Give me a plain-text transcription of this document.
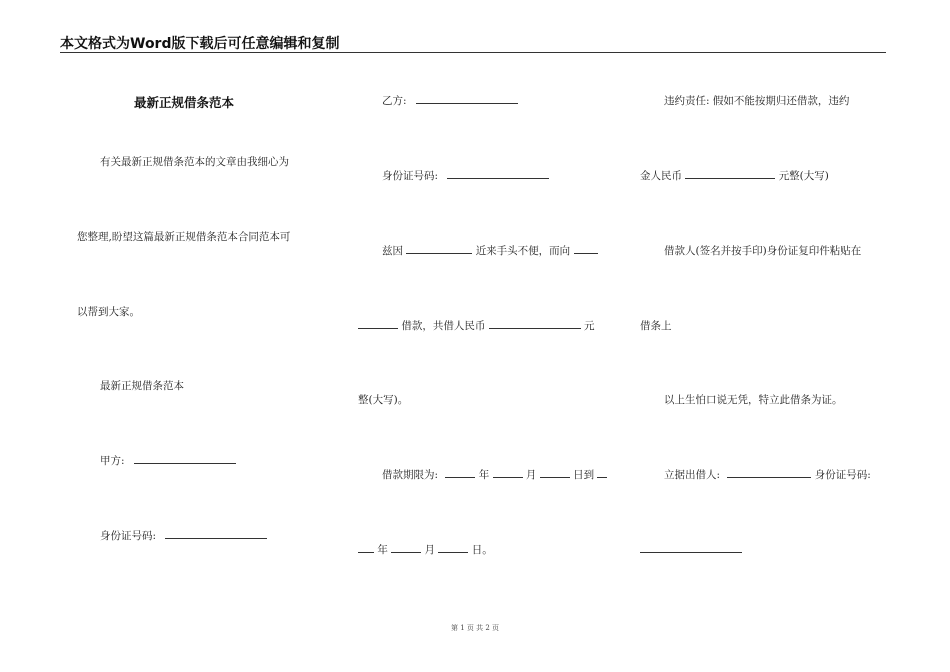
本文格式为Word版下载后可任意编辑和复制
最新正规借条范本
有关最新正规借条范本的文章由我细心为
您整理,盼望这篇最新正规借条范本合同范本可
以帮到大家。
最新正规借条范本
甲方:
身份证号码:
乙方:
身份证号码:
兹因	近来手头不便，而向
借款，共借人民币	元
整(大写)。
借款期限为:	年	月	日到
年	月	日。
违约责任: 假如不能按期归还借款，违约
金人民币	元整(大写)
借款人(签名并按手印)身份证复印件粘贴在
借条上
以上生怕口说无凭，特立此借条为证。
立据出借人:	身份证号码:
第 1 页 共 2 页
